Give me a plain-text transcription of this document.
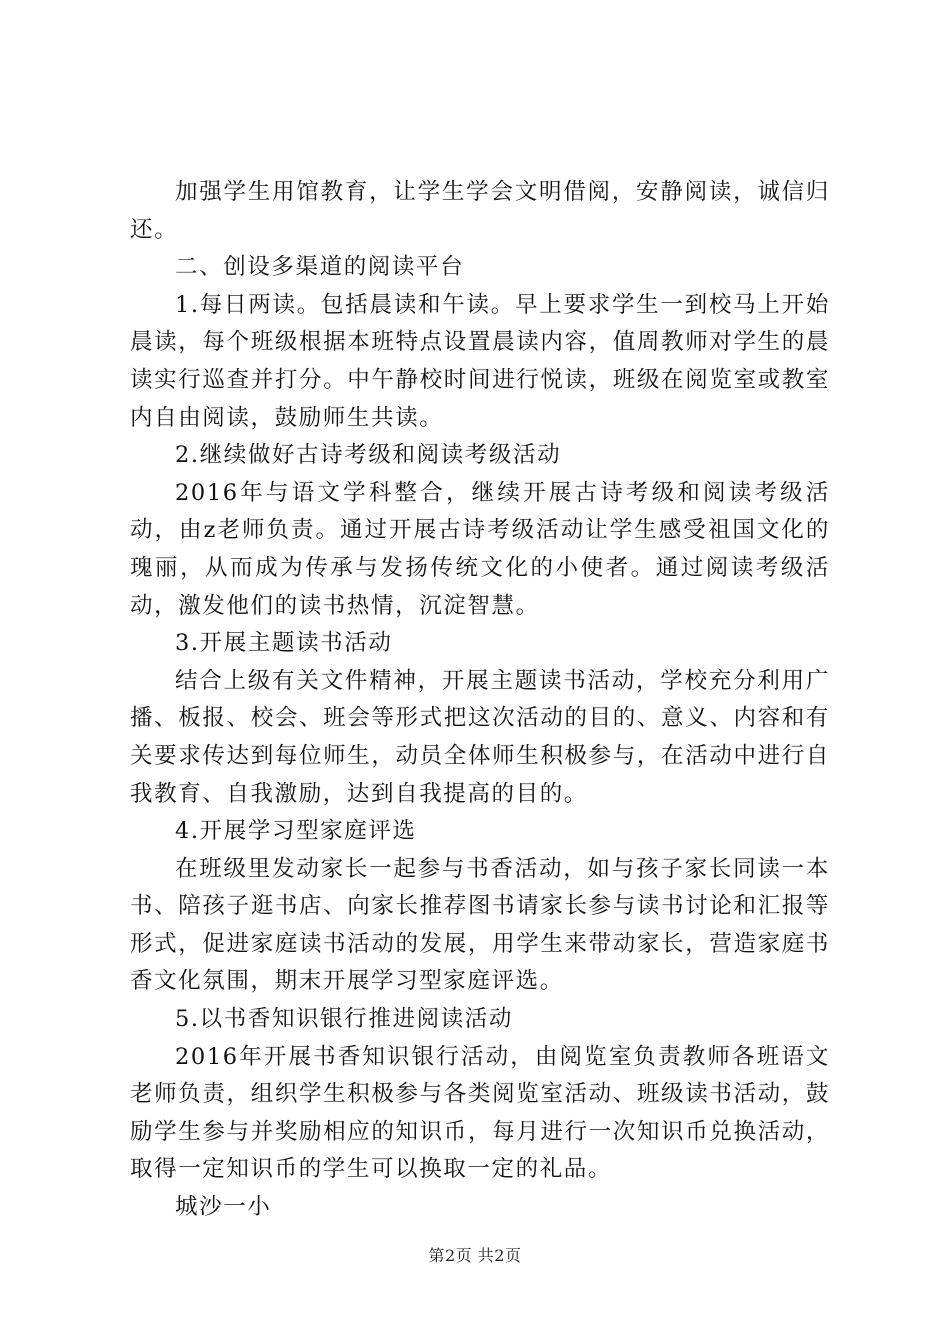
加强学生用馆教育，让学生学会文明借阅，安静阅读，诚信归还。

二、创设多渠道的阅读平台

1.每日两读。包括晨读和午读。早上要求学生一到校马上开始晨读，每个班级根据本班特点设置晨读内容，值周教师对学生的晨读实行巡查并打分。中午静校时间进行悦读，班级在阅览室或教室内自由阅读，鼓励师生共读。

2.继续做好古诗考级和阅读考级活动

2016年与语文学科整合，继续开展古诗考级和阅读考级活动，由z老师负责。通过开展古诗考级活动让学生感受祖国文化的瑰丽，从而成为传承与发扬传统文化的小使者。通过阅读考级活动，激发他们的读书热情，沉淀智慧。

3.开展主题读书活动

结合上级有关文件精神，开展主题读书活动，学校充分利用广播、板报、校会、班会等形式把这次活动的目的、意义、内容和有关要求传达到每位师生，动员全体师生积极参与，在活动中进行自我教育、自我激励，达到自我提高的目的。

4.开展学习型家庭评选

在班级里发动家长一起参与书香活动，如与孩子家长同读一本书、陪孩子逛书店、向家长推荐图书请家长参与读书讨论和汇报等形式，促进家庭读书活动的发展，用学生来带动家长，营造家庭书香文化氛围，期末开展学习型家庭评选。

5.以书香知识银行推进阅读活动

2016年开展书香知识银行活动，由阅览室负责教师各班语文老师负责，组织学生积极参与各类阅览室活动、班级读书活动，鼓励学生参与并奖励相应的知识币，每月进行一次知识币兑换活动，取得一定知识币的学生可以换取一定的礼品。

城沙一小

第2页 共2页
